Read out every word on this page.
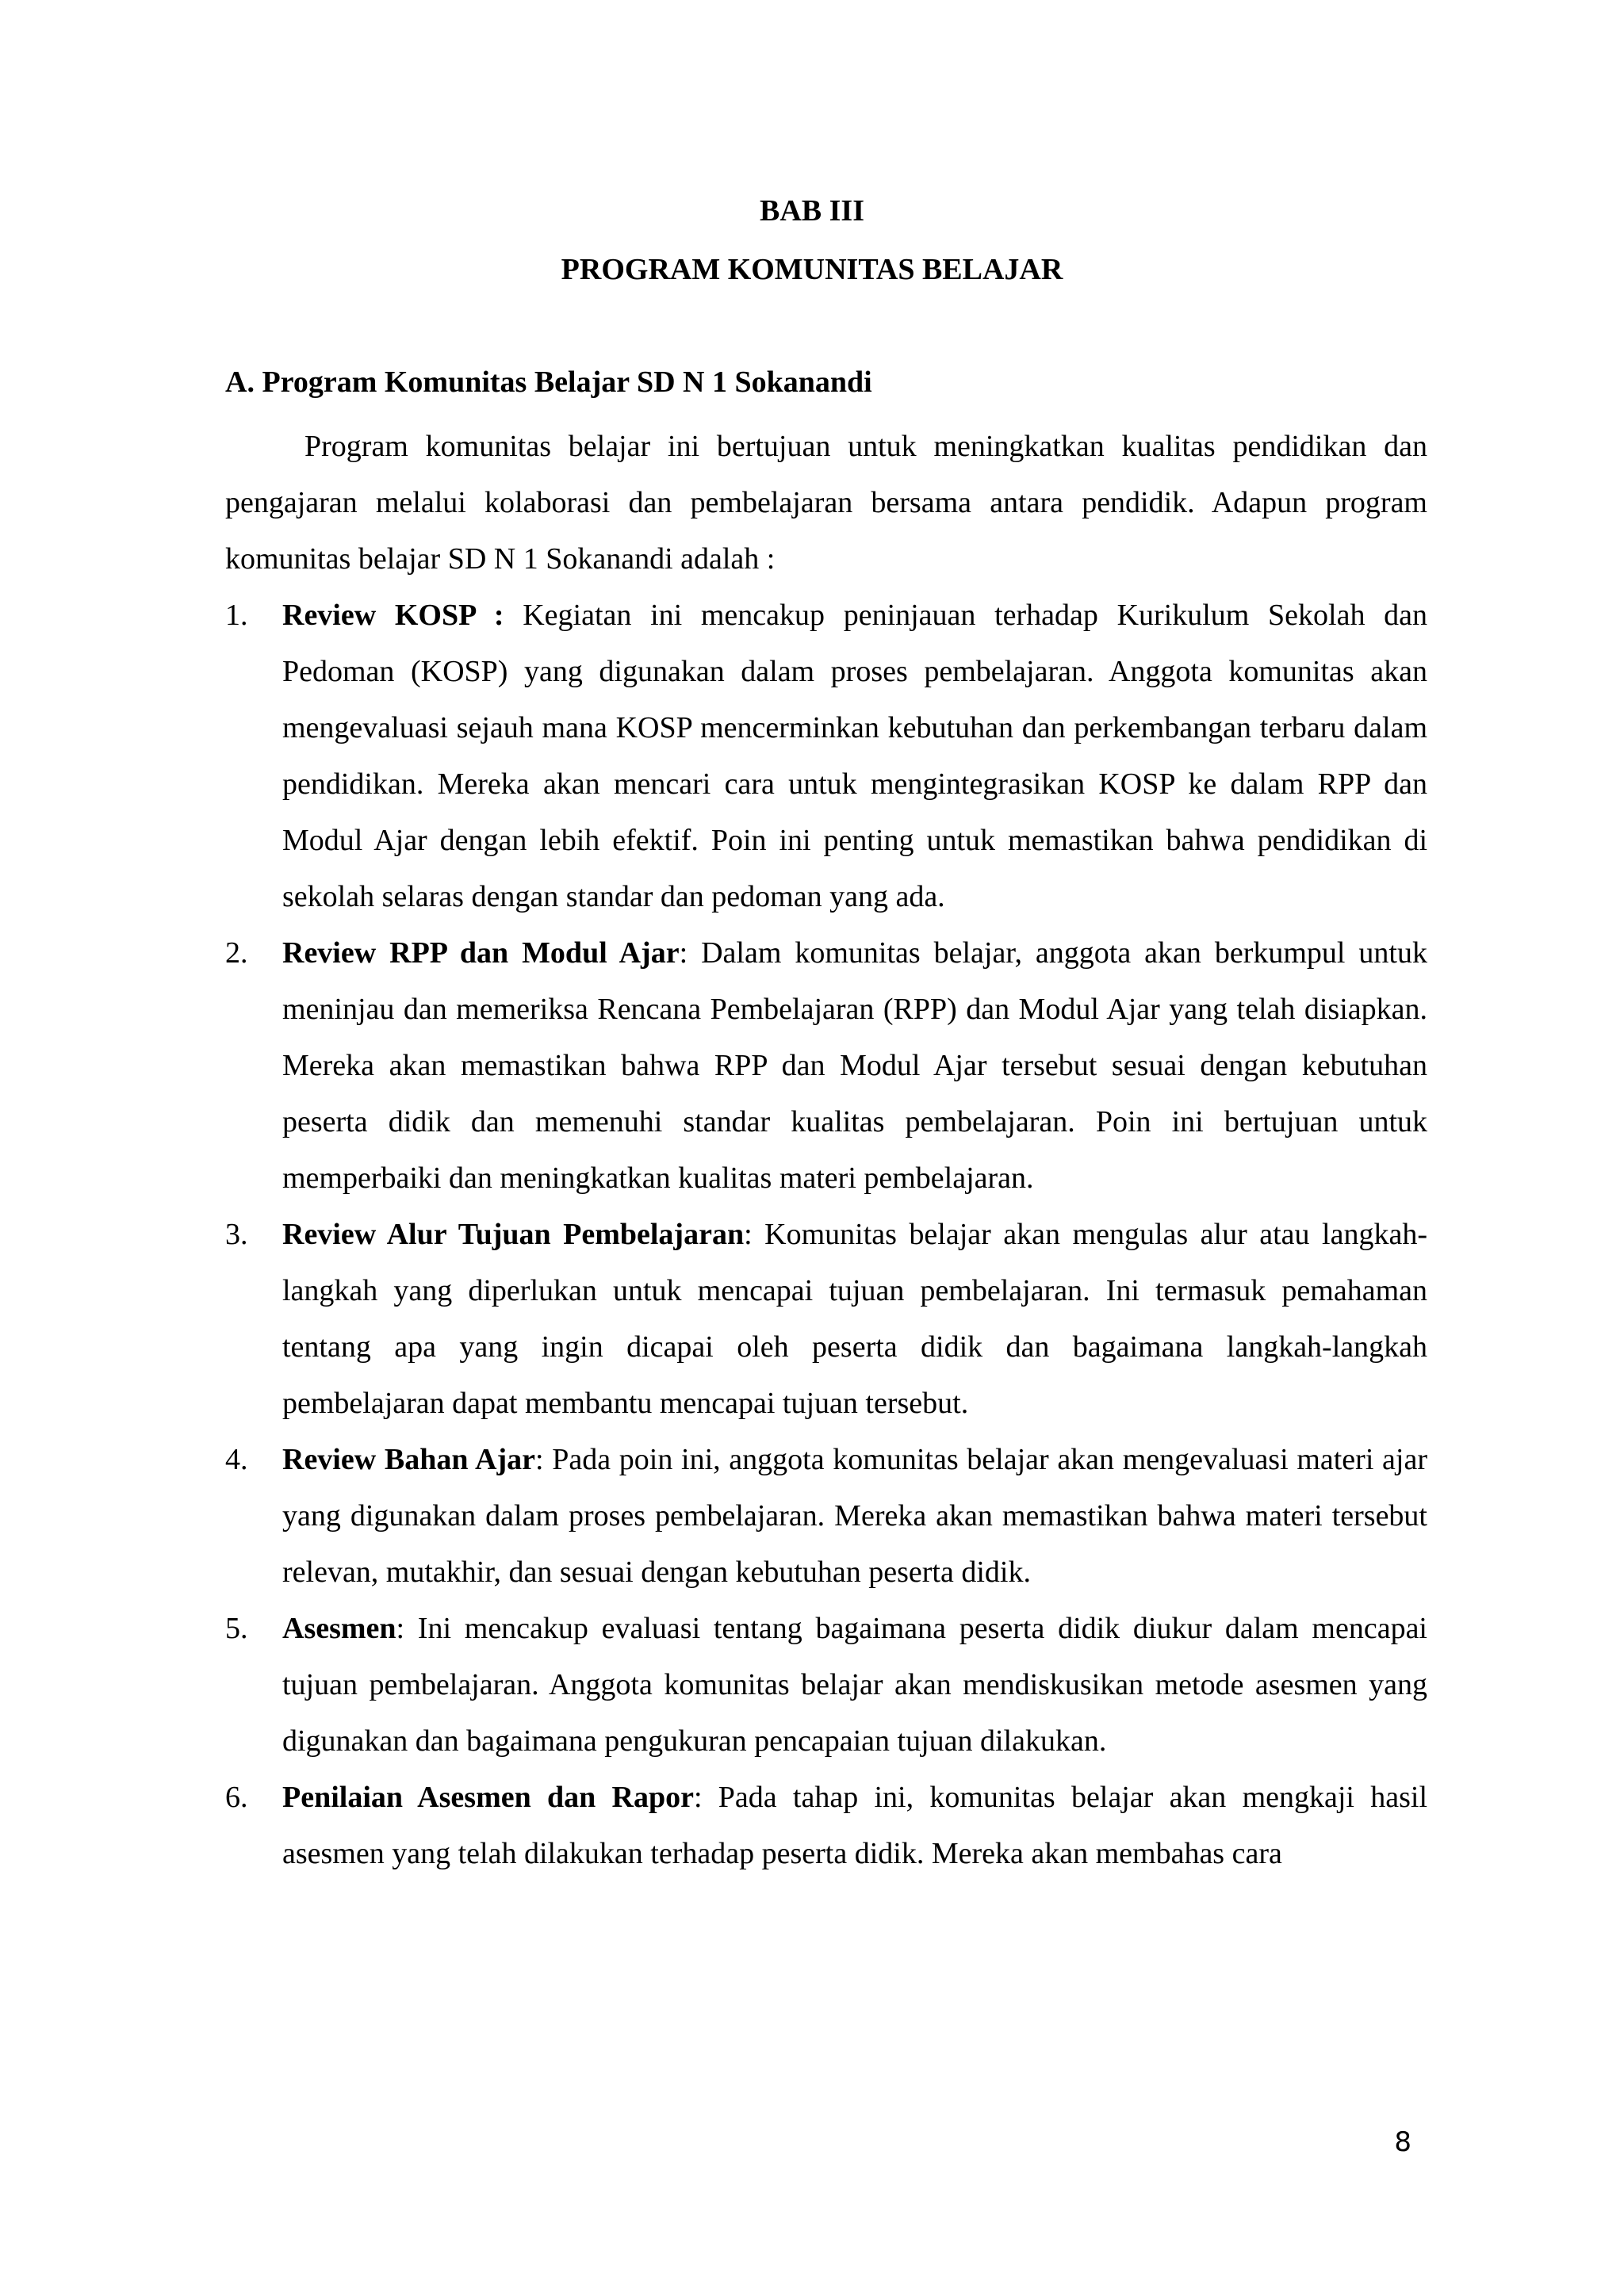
BAB III
PROGRAM KOMUNITAS BELAJAR
A. Program Komunitas Belajar SD N 1 Sokanandi

Program komunitas belajar ini bertujuan untuk meningkatkan kualitas pendidikan dan pengajaran melalui kolaborasi dan pembelajaran bersama antara pendidik. Adapun program komunitas belajar SD N 1 Sokanandi adalah :

1. Review KOSP : Kegiatan ini mencakup peninjauan terhadap Kurikulum Sekolah dan Pedoman (KOSP) yang digunakan dalam proses pembelajaran. Anggota komunitas akan mengevaluasi sejauh mana KOSP mencerminkan kebutuhan dan perkembangan terbaru dalam pendidikan. Mereka akan mencari cara untuk mengintegrasikan KOSP ke dalam RPP dan Modul Ajar dengan lebih efektif. Poin ini penting untuk memastikan bahwa pendidikan di sekolah selaras dengan standar dan pedoman yang ada.
2. Review RPP dan Modul Ajar: Dalam komunitas belajar, anggota akan berkumpul untuk meninjau dan memeriksa Rencana Pembelajaran (RPP) dan Modul Ajar yang telah disiapkan. Mereka akan memastikan bahwa RPP dan Modul Ajar tersebut sesuai dengan kebutuhan peserta didik dan memenuhi standar kualitas pembelajaran. Poin ini bertujuan untuk memperbaiki dan meningkatkan kualitas materi pembelajaran.
3. Review Alur Tujuan Pembelajaran: Komunitas belajar akan mengulas alur atau langkah-langkah yang diperlukan untuk mencapai tujuan pembelajaran. Ini termasuk pemahaman tentang apa yang ingin dicapai oleh peserta didik dan bagaimana langkah-langkah pembelajaran dapat membantu mencapai tujuan tersebut.
4. Review Bahan Ajar: Pada poin ini, anggota komunitas belajar akan mengevaluasi materi ajar yang digunakan dalam proses pembelajaran. Mereka akan memastikan bahwa materi tersebut relevan, mutakhir, dan sesuai dengan kebutuhan peserta didik.
5. Asesmen: Ini mencakup evaluasi tentang bagaimana peserta didik diukur dalam mencapai tujuan pembelajaran. Anggota komunitas belajar akan mendiskusikan metode asesmen yang digunakan dan bagaimana pengukuran pencapaian tujuan dilakukan.
6. Penilaian Asesmen dan Rapor: Pada tahap ini, komunitas belajar akan mengkaji hasil asesmen yang telah dilakukan terhadap peserta didik. Mereka akan membahas cara
8
